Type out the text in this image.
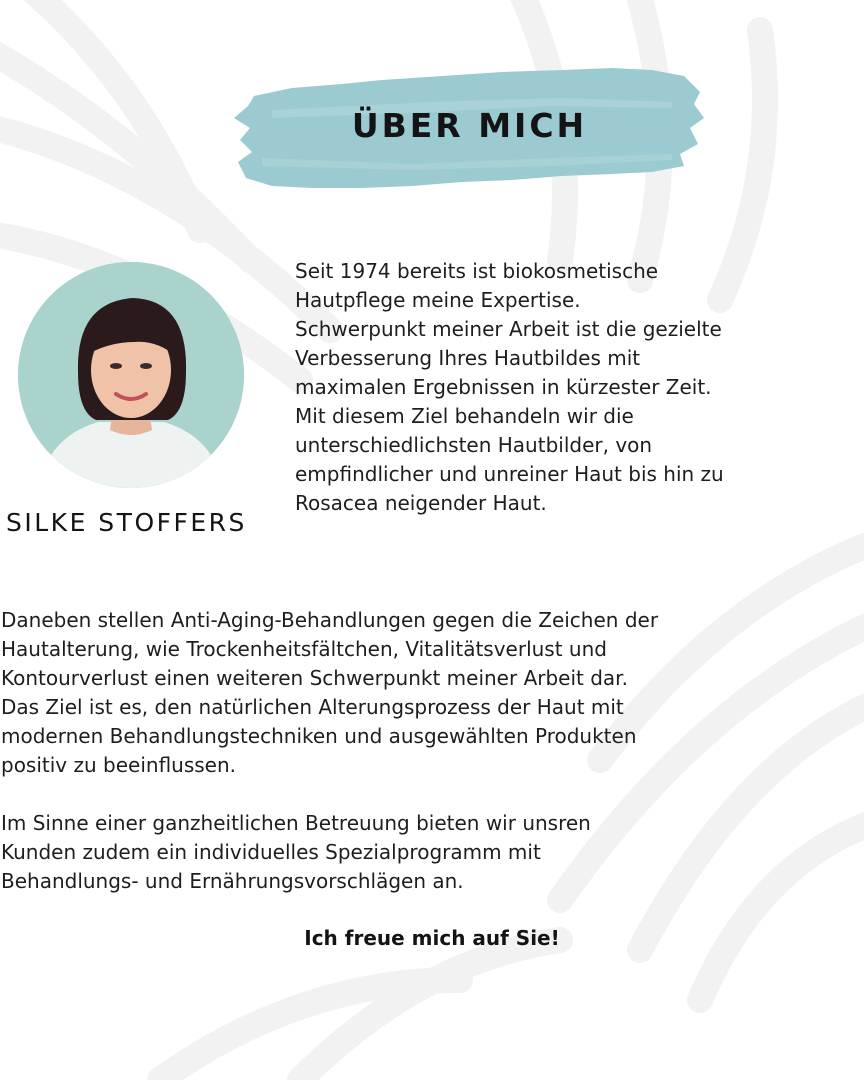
ÜBER MICH
SILKE STOFFERS
Seit 1974 bereits ist biokosmetische
Hautpflege meine Expertise.
Schwerpunkt meiner Arbeit ist die gezielte
Verbesserung Ihres Hautbildes mit
maximalen Ergebnissen in kürzester Zeit.
Mit diesem Ziel behandeln wir die
unterschiedlichsten Hautbilder, von
empfindlicher und unreiner Haut bis hin zu
Rosacea neigender Haut.
Daneben stellen Anti-Aging-Behandlungen gegen die Zeichen der
Hautalterung, wie Trockenheitsfältchen, Vitalitätsverlust und
Kontourverlust einen weiteren Schwerpunkt meiner Arbeit dar.
Das Ziel ist es, den natürlichen Alterungsprozess der Haut mit
modernen Behandlungstechniken und ausgewählten Produkten
positiv zu beeinflussen.
Im Sinne einer ganzheitlichen Betreuung bieten wir unsren
Kunden zudem ein individuelles Spezialprogramm mit
Behandlungs- und Ernährungsvorschlägen an.
Ich freue mich auf Sie!
